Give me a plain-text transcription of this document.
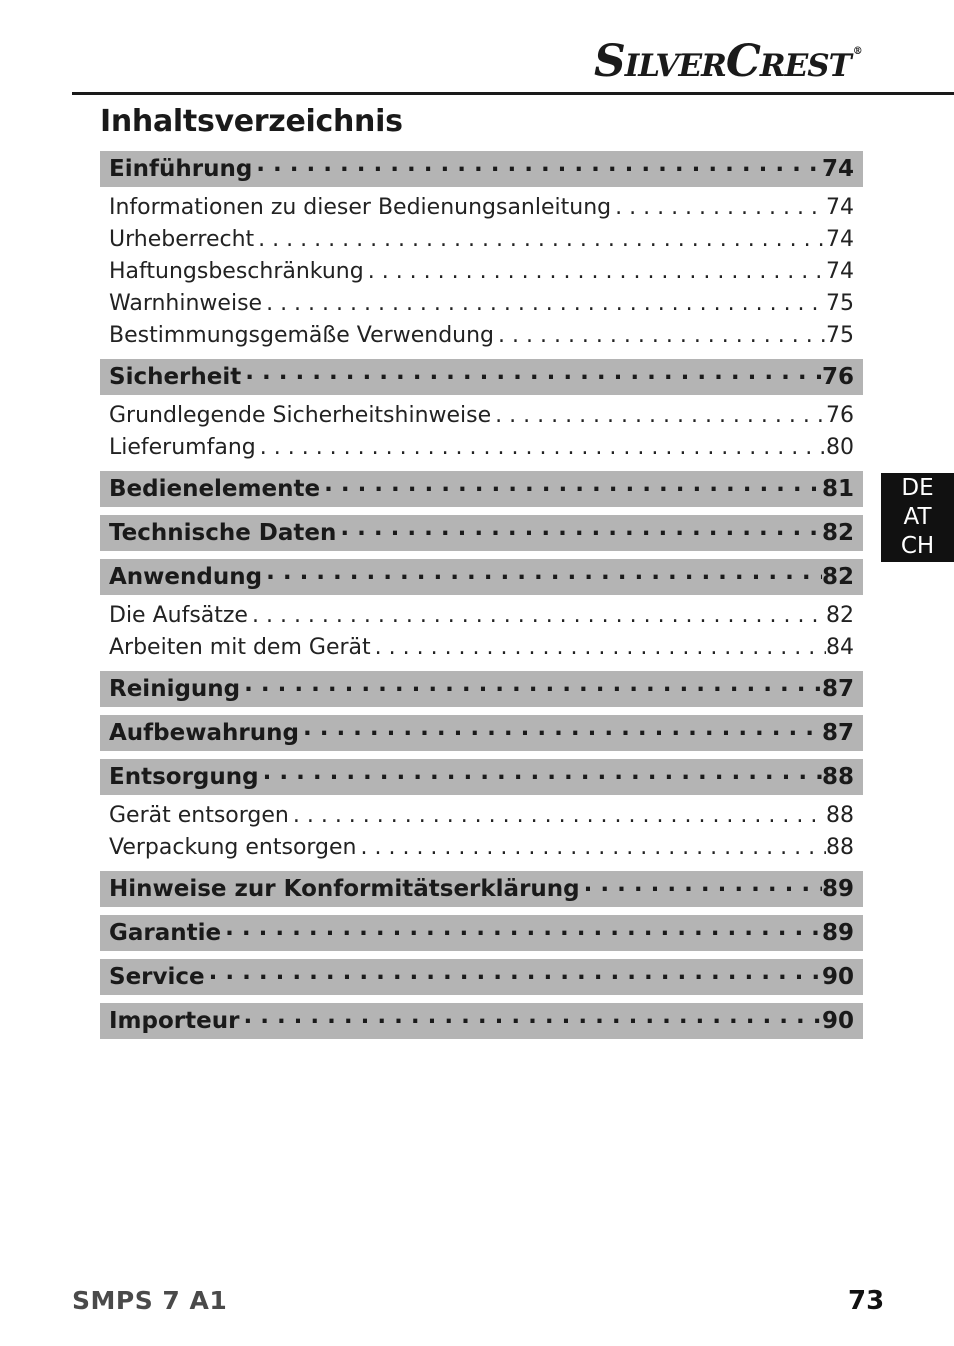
S ILVER C REST ®
Inhaltsverzeichnis
Einführung . . .	74
Informationen zu dieser Bedienungsanleitung . . .	74
Urheberrecht . . .	74
Haftungsbeschränkung . . .	74
Warnhinweise . . .	75
Bestimmungsgemäße Verwendung . . .	75
Sicherheit . . .	76
Grundlegende Sicherheitshinweise . . .	76
Lieferumfang . . .	80
Bedienelemente . . .	81
Technische Daten . . .	82
Anwendung . . .	82
Die Aufsätze . . .	82
Arbeiten mit dem Gerät . . .	84
Reinigung . . .	87
Aufbewahrung . . .	87
Entsorgung . . .	88
Gerät entsorgen . . .	88
Verpackung entsorgen . . .	88
Hinweise zur Konformitätserklärung . . .	89
Garantie . . .	89
Service . . .	90
Importeur . . .	90
DE
AT
CH
SMPS 7 A1	73
